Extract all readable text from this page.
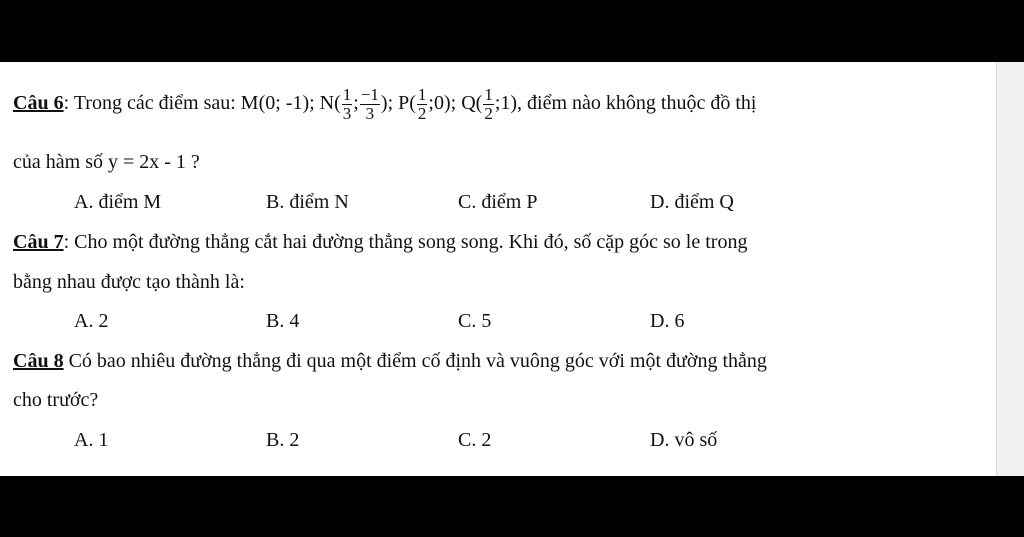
Câu 6: Trong các điểm sau: M(0; -1); $N( \frac{1}{3}$ ; $\frac{-1}{3}$ ); $P( \frac{1}{2}$ ;0); $Q( \frac{1}{2}$ ;1), điểm nào không thuộc đồ thị
của hàm số y = 2x - 1 ?
A. điểm M	B. điểm N	C. điểm P	D. điểm Q
Câu 7: Cho một đường thẳng cắt hai đường thẳng song song. Khi đó, số cặp góc so le trong
bằng nhau được tạo thành là:
A. 2	B. 4	C. 5	D. 6
Câu 8 Có bao nhiêu đường thẳng đi qua một điểm cố định và vuông góc với một đường thẳng
cho trước?
A. 1	B. 2	C. 2	D. vô số
